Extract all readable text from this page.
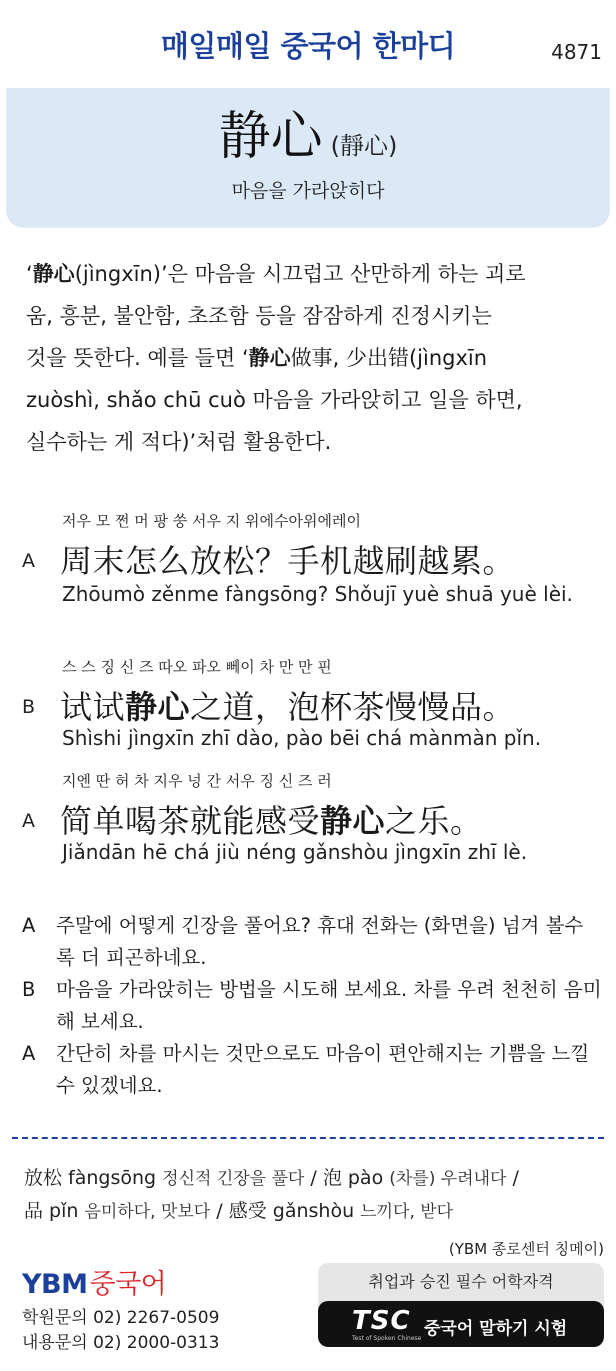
매일매일 중국어 한마디	4871
静心 (靜心)
마음을 가라앉히다
‘静心(jìngxīn)’은 마음을 시끄럽고 산만하게 하는 괴로
움, 흥분, 불안함, 초조함 등을 잠잠하게 진정시키는
것을 뜻한다. 예를 들면 ‘静心做事, 少出错(jìngxīn
zuòshì, shǎo chū cuò 마음을 가라앉히고 일을 하면,
실수하는 게 적다)’처럼 활용한다.
저우 모 쩐 머 팡 쑹 서우 지 위에수아위에레이
A 周末怎么放松？手机越刷越累。
Zhōumò zěnme fàngsōng? Shǒujī yuè shuā yuè lèi.
스 스 징 신 즈 따오 파오 뻬이 차 만 만 핀
B 试试静心之道，泡杯茶慢慢品。
Shìshi jìngxīn zhī dào, pào bēi chá mànmàn pǐn.
지엔 딴 허 차 지우 넝 간 서우 징 신 즈 러
A 简单喝茶就能感受静心之乐。
Jiǎndān hē chá jiù néng gǎnshòu jìngxīn zhī lè.
A 주말에 어떻게 긴장을 풀어요? 휴대 전화는 (화면을) 넘겨 볼수록 더 피곤하네요.
B 마음을 가라앉히는 방법을 시도해 보세요. 차를 우려 천천히 음미해 보세요.
A 간단히 차를 마시는 것만으로도 마음이 편안해지는 기쁨을 느낄 수 있겠네요.
放松 fàngsōng 정신적 긴장을 풀다 / 泡 pào (차를) 우려내다 /
品 pǐn 음미하다, 맛보다 / 感受 gǎnshòu 느끼다, 받다
(YBM 종로센터 칭메이)
YBM중국어
학원문의 02) 2267-0509
내용문의 02) 2000-0313
취업과 승진 필수 어학자격
TSC
Test of Spoken Chinese 중국어 말하기 시험
